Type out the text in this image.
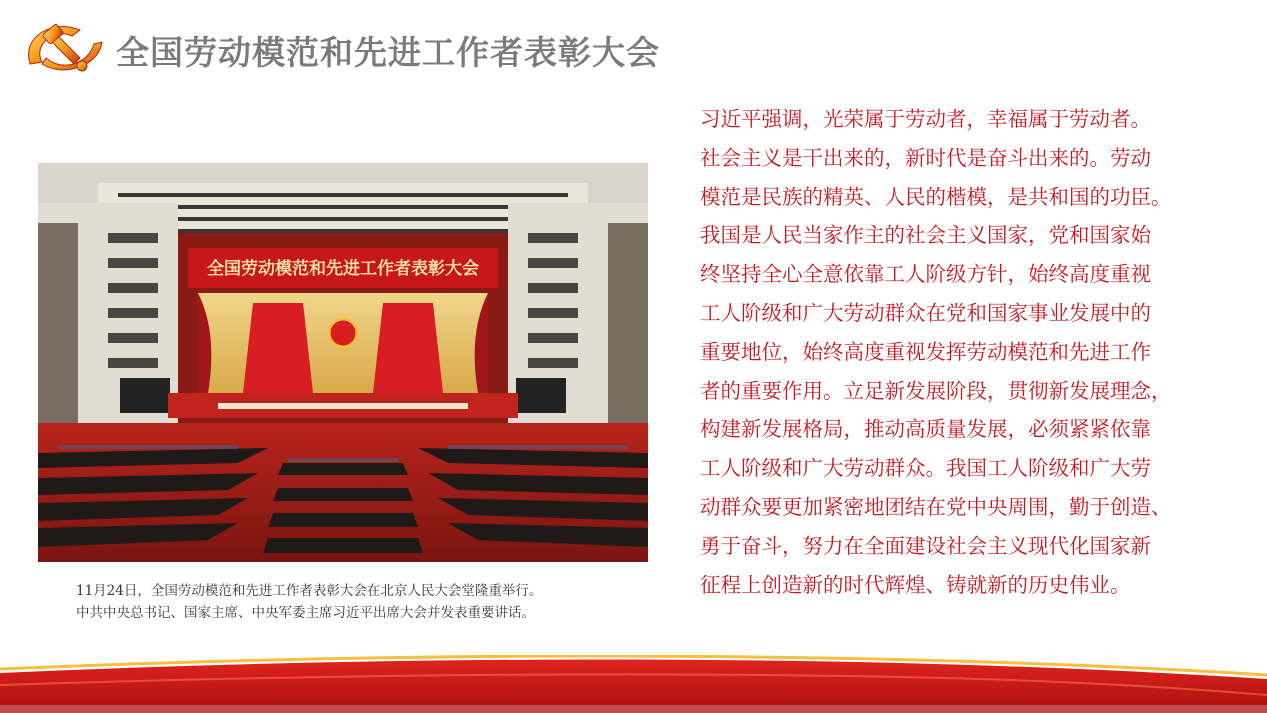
全国劳动模范和先进工作者表彰大会
全国劳动模范和先进工作者表彰大会
11月24日，全国劳动模范和先进工作者表彰大会在北京人民大会堂隆重举行。
中共中央总书记、国家主席、中央军委主席习近平出席大会并发表重要讲话。
习近平强调，光荣属于劳动者，幸福属于劳动者。
社会主义是干出来的，新时代是奋斗出来的。劳动
模范是民族的精英、人民的楷模，是共和国的功臣。
我国是人民当家作主的社会主义国家，党和国家始
终坚持全心全意依靠工人阶级方针，始终高度重视
工人阶级和广大劳动群众在党和国家事业发展中的
重要地位，始终高度重视发挥劳动模范和先进工作
者的重要作用。立足新发展阶段，贯彻新发展理念，
构建新发展格局，推动高质量发展，必须紧紧依靠
工人阶级和广大劳动群众。我国工人阶级和广大劳
动群众要更加紧密地团结在党中央周围，勤于创造、
勇于奋斗，努力在全面建设社会主义现代化国家新
征程上创造新的时代辉煌、铸就新的历史伟业。
